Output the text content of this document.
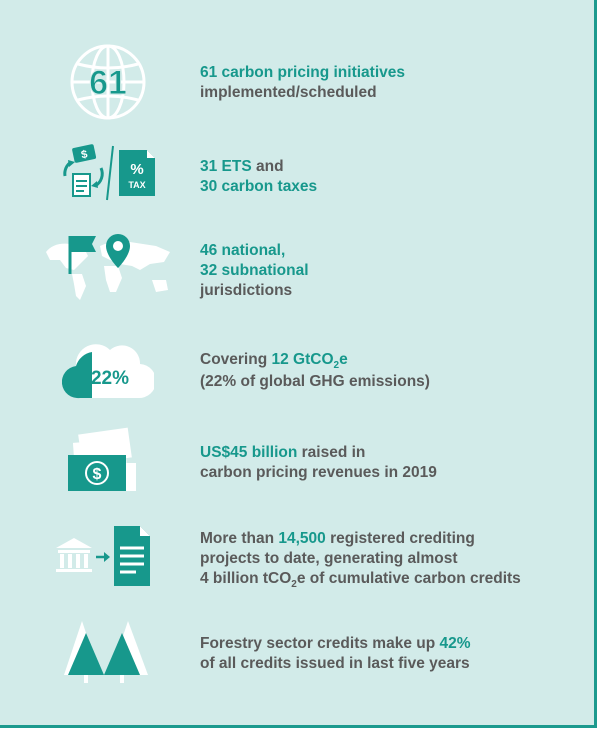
61	61 carbon pricing initiatives
implemented/scheduled
$
%
TAX
31 ETS and
30 carbon taxes
46 national,
32 subnational
jurisdictions
22%
Covering 12 GtCO$_2$e
(22% of global GHG emissions)
$
US$45 billion raised in
carbon pricing revenues in 2019
More than 14,500 registered crediting
projects to date, generating almost
4 billion tCO$_2$e of cumulative carbon credits
Forestry sector credits make up 42%
of all credits issued in last five years
